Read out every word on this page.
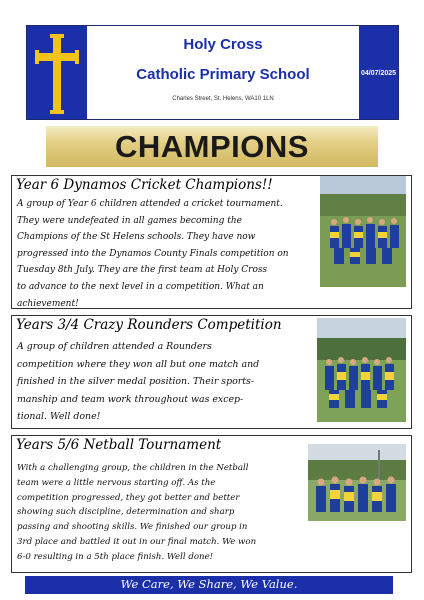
Holy Cross
Catholic Primary School
Charles Street, St. Helens, WA10 1LN
04/07/2025
CHAMPIONS
Year 6 Dynamos Cricket Champions!!
A group of Year 6 children attended a cricket tournament.
They were undefeated in all games becoming the
Champions of the St Helens schools. They have now
progressed into the Dynamos County Finals competition on
Tuesday 8th July. They are the first team at Holy Cross
to advance to the next level in a competition. What an
achievement!
Years 3/4 Crazy Rounders Competition
A group of children attended a Rounders
competition where they won all but one match and
finished in the silver medal position. Their sports-
manship and team work throughout was excep-
tional. Well done!
Years 5/6 Netball Tournament
With a challenging group, the children in the Netball
team were a little nervous starting off. As the
competition progressed, they got better and better
showing such discipline, determination and sharp
passing and shooting skills. We finished our group in
3rd place and battled it out in our final match. We won
6-0 resulting in a 5th place finish. Well done!
We Care, We Share, We Value.
